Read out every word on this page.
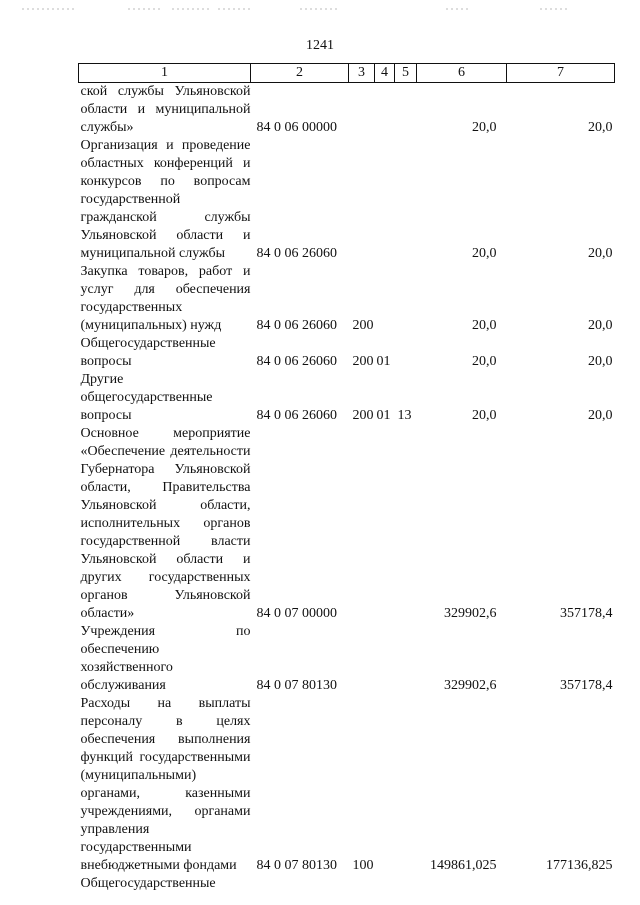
1241
1	2	3	4	5	6	7
ской службы Ульяновской области и муниципальной службы»	84 0 06 00000				20,0	20,0
Организация и проведение областных конференций и конкурсов по вопросам государственной гражданской службы Ульяновской области и муниципальной службы	84 0 06 26060				20,0	20,0
Закупка товаров, работ и услуг для обеспечения государственных (муниципальных) нужд	84 0 06 26060	200			20,0	20,0
Общегосударственные вопросы	84 0 06 26060	200	01		20,0	20,0
Другие общегосударственные вопросы	84 0 06 26060	200	01	13	20,0	20,0
Основное мероприятие «Обеспечение деятельности Губернатора Ульяновской области, Правительства Ульяновской области, исполнительных органов государственной власти Ульяновской области и других государственных органов Ульяновской области»	84 0 07 00000				329902,6	357178,4
Учреждения по обеспечению хозяйственного обслуживания	84 0 07 80130				329902,6	357178,4
Расходы на выплаты персоналу в целях обеспечения выполнения функций государственными (муниципальными) органами, казенными учреждениями, органами управления государственными внебюджетными фондами	84 0 07 80130	100			149861,025	177136,825
Общегосударственные						
